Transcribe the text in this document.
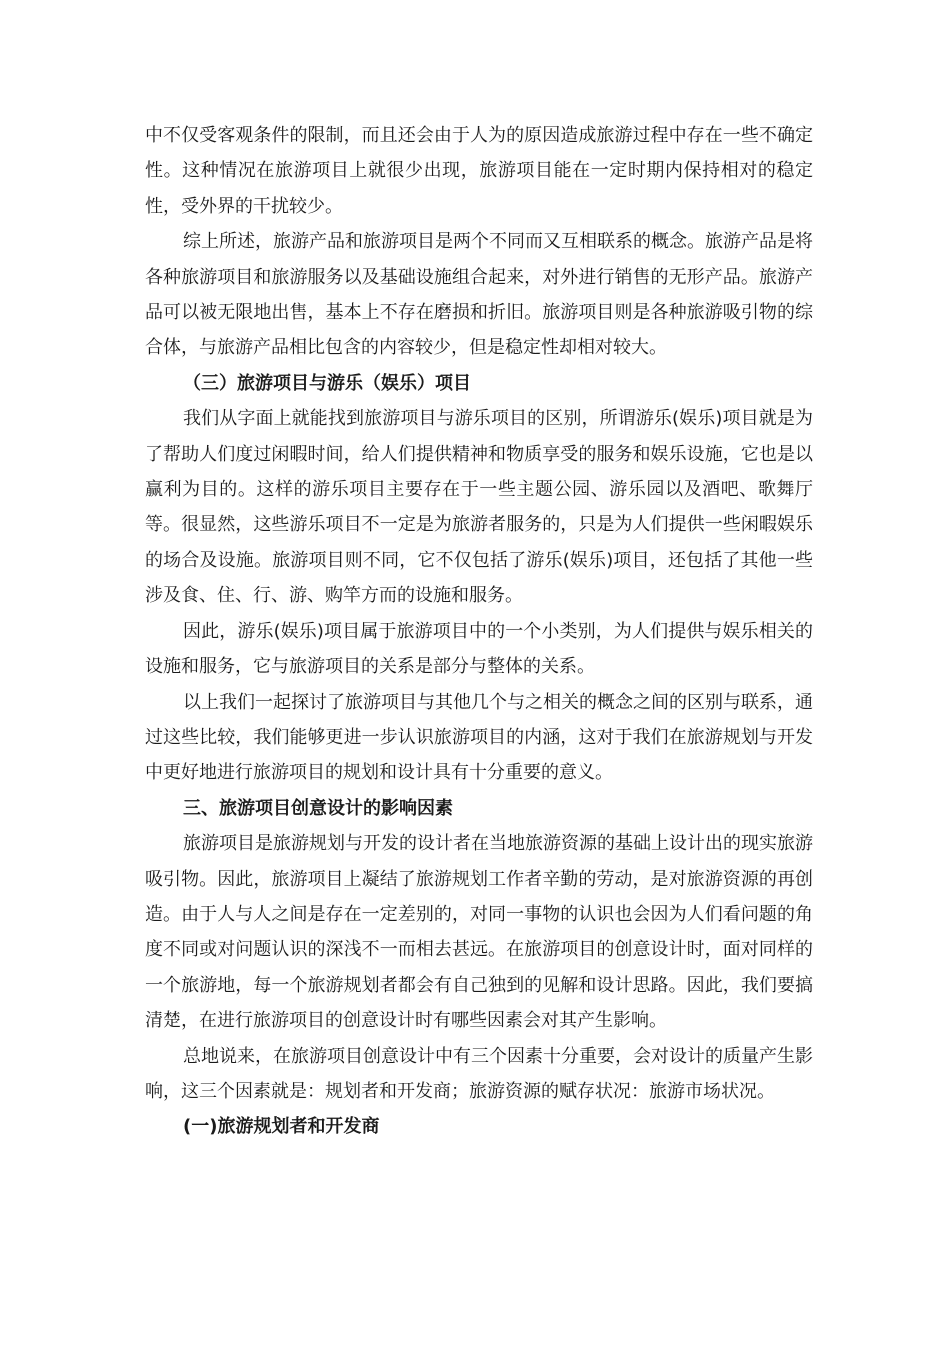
中不仅受客观条件的限制，而且还会由于人为的原因造成旅游过程中存在一些不确定性。这种情况在旅游项目上就很少出现，旅游项目能在一定时期内保持相对的稳定性，受外界的干扰较少。

综上所述，旅游产品和旅游项目是两个不同而又互相联系的概念。旅游产品是将各种旅游项目和旅游服务以及基础设施组合起来，对外进行销售的无形产品。旅游产品可以被无限地出售，基本上不存在磨损和折旧。旅游项目则是各种旅游吸引物的综合体，与旅游产品相比包含的内容较少，但是稳定性却相对较大。

（三）旅游项目与游乐（娱乐）项目

我们从字面上就能找到旅游项目与游乐项目的区别，所谓游乐(娱乐)项目就是为了帮助人们度过闲暇时间，给人们提供精神和物质享受的服务和娱乐设施，它也是以赢利为目的。这样的游乐项目主要存在于一些主题公园、游乐园以及酒吧、歌舞厅等。很显然，这些游乐项目不一定是为旅游者服务的，只是为人们提供一些闲暇娱乐的场合及设施。旅游项目则不同，它不仅包括了游乐(娱乐)项目，还包括了其他一些涉及食、住、行、游、购竿方而的设施和服务。

因此，游乐(娱乐)项目属于旅游项目中的一个小类别，为人们提供与娱乐相关的设施和服务，它与旅游项目的关系是部分与整体的关系。

以上我们一起探讨了旅游项目与其他几个与之相关的概念之间的区别与联系，通过这些比较，我们能够更进一步认识旅游项目的内涵，这对于我们在旅游规划与开发中更好地进行旅游项目的规划和设计具有十分重要的意义。

三、旅游项目创意设计的影响因素

旅游项目是旅游规划与开发的设计者在当地旅游资源的基础上设计出的现实旅游吸引物。因此，旅游项目上凝结了旅游规划工作者辛勤的劳动，是对旅游资源的再创造。由于人与人之间是存在一定差别的，对同一事物的认识也会因为人们看问题的角度不同或对问题认识的深浅不一而相去甚远。在旅游项目的创意设计时，面对同样的一个旅游地，每一个旅游规划者都会有自己独到的见解和设计思路。因此，我们要搞清楚，在进行旅游项目的创意设计时有哪些因素会对其产生影响。

总地说来，在旅游项目创意设计中有三个因素十分重要，会对设计的质量产生影响，这三个因素就是：规划者和开发商；旅游资源的赋存状况：旅游市场状况。

(一)旅游规划者和开发商
